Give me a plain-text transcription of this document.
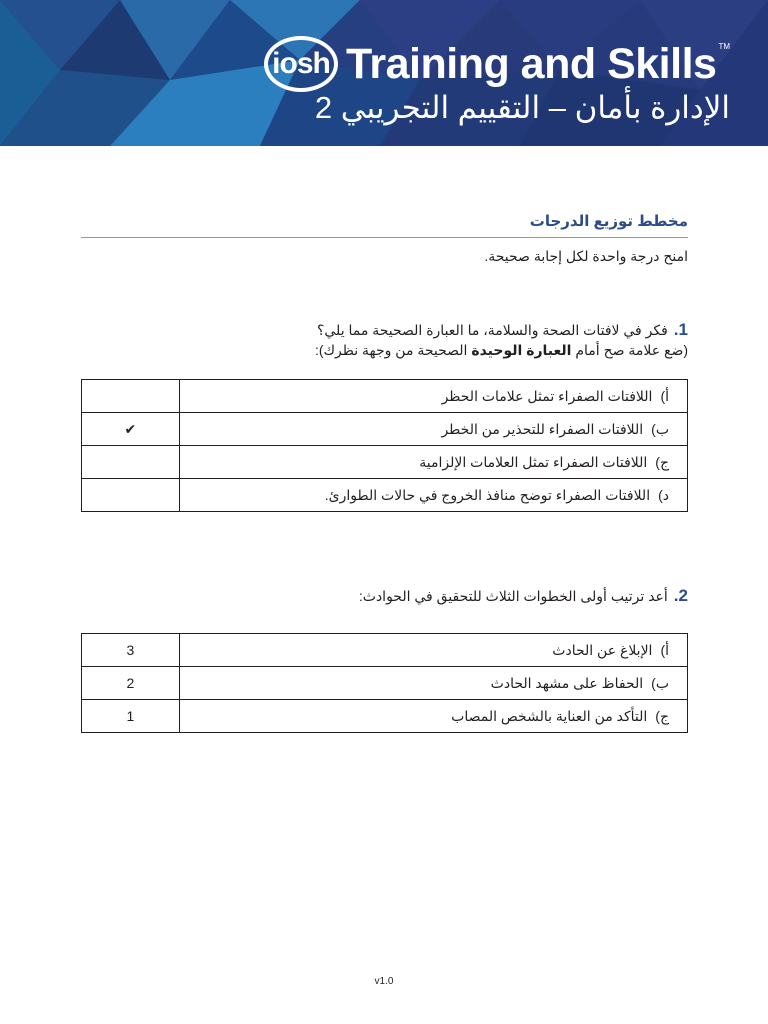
iosh Training and Skills TM
الإدارة بأمان – التقييم التجريبي 2
مخطط توزيع الدرجات
امنح درجة واحدة لكل إجابة صحيحة.
1.
فكر في لافتات الصحة والسلامة، ما العبارة الصحيحة مما يلي؟
(ضع علامة صح أمام العبارة الوحيدة الصحيحة من وجهة نظرك):
أ)اللافتات الصفراء تمثل علامات الحظر	
ب)اللافتات الصفراء للتحذير من الخطر	✔
ج)اللافتات الصفراء تمثل العلامات الإلزامية	
د)اللافتات الصفراء توضح منافذ الخروج في حالات الطوارئ.	
2.
أعد ترتيب أولى الخطوات الثلاث للتحقيق في الحوادث:
أ)الإبلاغ عن الحادث	3
ب)الحفاظ على مشهد الحادث	2
ج)التأكد من العناية بالشخص المصاب	1
v1.0
